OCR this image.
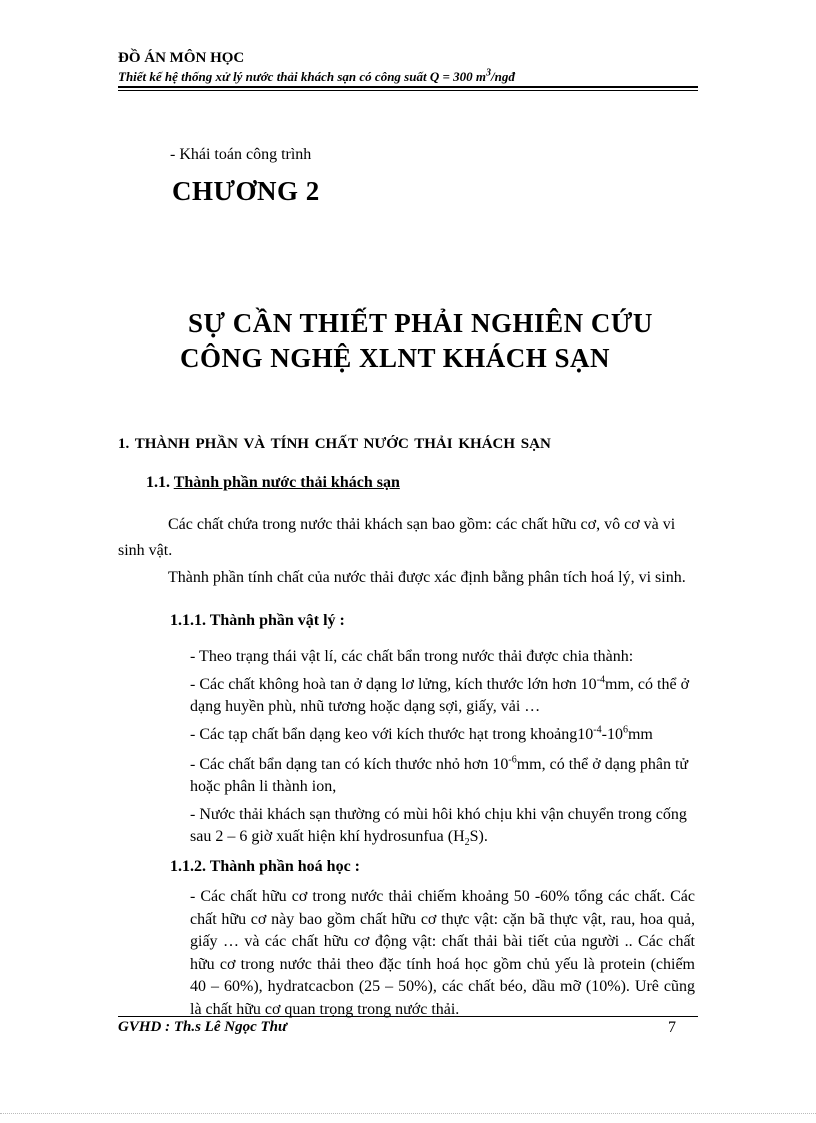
ĐỒ ÁN MÔN HỌC
Thiết kế hệ thống xử lý nước thải khách sạn có công suất Q = 300 $m^3$/ngđ
- Khái toán công trình
CHƯƠNG 2
SỰ CẦN THIẾT PHẢI NGHIÊN CỨU
CÔNG NGHỆ XLNT KHÁCH SẠN
1. THÀNH PHẦN VÀ TÍNH CHẤT NƯỚC THẢI KHÁCH SẠN
1.1. Thành phần nước thải khách sạn
Các chất chứa trong nước thải khách sạn bao gồm: các chất hữu cơ, vô cơ và vi sinh vật.
Thành phần tính chất của nước thải được xác định bằng phân tích hoá lý, vi sinh.
1.1.1. Thành phần vật lý :
- Theo trạng thái vật lí, các chất bẩn trong nước thải được chia thành:
- Các chất không hoà tan ở dạng lơ lửng, kích thước lớn hơn $10^{-4}mm$, có thể ở dạng huyền phù, nhũ tương hoặc dạng sợi, giấy, vải …
- Các tạp chất bẩn dạng keo với kích thước hạt trong $khoảng10^{-4}-10^6mm$
- Các chất bẩn dạng tan có kích thước nhỏ hơn $10^{-6}mm$, có thể ở dạng phân tử hoặc phân li thành ion,
- Nước thải khách sạn thường có mùi hôi khó chịu khi vận chuyển trong cống sau 2 – 6 giờ xuất hiện khí hydrosunfua $(H_2S)$.
1.1.2. Thành phần hoá học :
- Các chất hữu cơ trong nước thải chiếm khoảng 50 -60% tổng các chất. Các chất hữu cơ này bao gồm chất hữu cơ thực vật: cặn bã thực vật, rau, hoa quả, giấy … và các chất hữu cơ động vật: chất thải bài tiết của người .. Các chất hữu cơ trong nước thải theo đặc tính hoá học gồm chủ yếu là protein (chiếm 40 – 60%), hydratcacbon (25 – 50%), các chất béo, dầu mỡ (10%). Urê cũng là chất hữu cơ quan trọng trong nước thải.
GVHD : Th.s Lê Ngọc Thư	7
